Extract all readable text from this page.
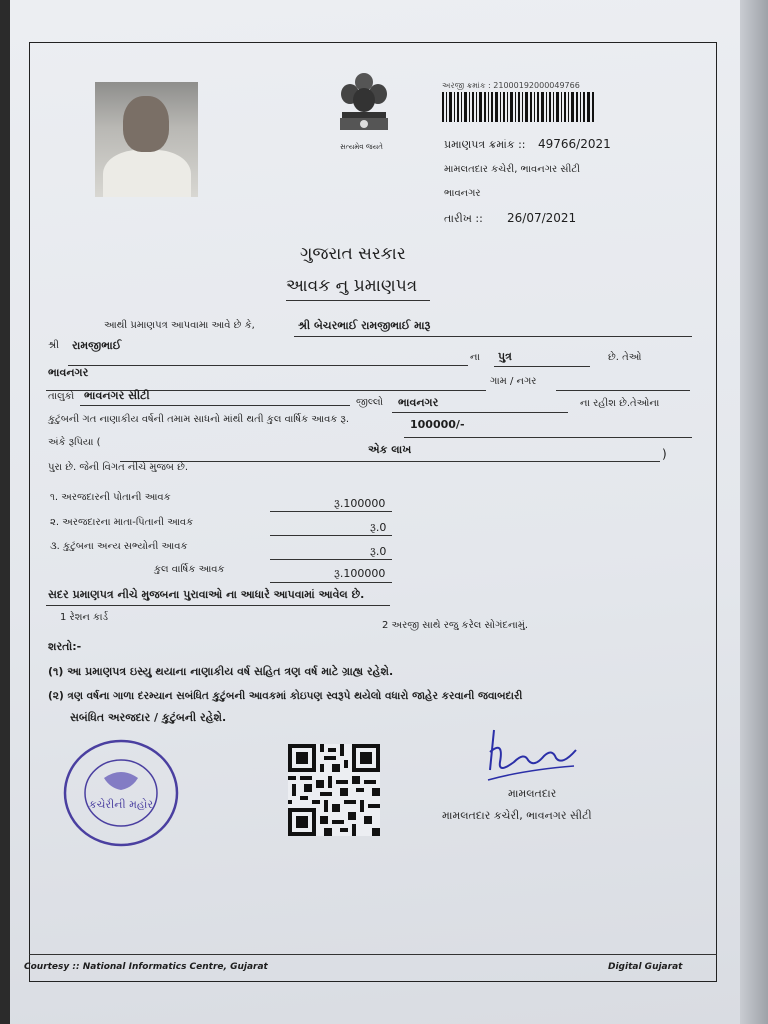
સત્યમેવ જયતે
અરજી ક્રમાંક : 21000192000049766
પ્રમાણપત્ર ક્રમાંક :: 49766/2021
મામલતદાર કચેરી, ભાવનગર સીટી
ભાવનગર
તારીખ :: 26/07/2021
ગુજરાત સરકાર
આવક નુ પ્રમાણપત્ર
આથી પ્રમાણપત્ર આપવામા આવે છે કે,	શ્રી બેચરભાઈ રામજીભાઈ મારૂ
શ્રી રામજીભાઈ
ના પુત્ર	છે. તેઓ
ભાવનગર
ગામ / નગર
તાલુકો ભાવનગર સીટી
જીલ્લો ભાવનગર	ના રહીશ છે.તેઓના
કુટુંબની ગત નાણાકીય વર્ષની તમામ સાધનો માંથી થતી કુલ વાર્ષિક આવક રૂ.	100000/-
અંકે રૂપિયા (
એક લાખ	)
પુરા છે. જેની વિગત નીચે મુજબ છે.
૧. અરજદારની પોતાની આવક	રૂ.100000
૨. અરજદારના માતા-પિતાની આવક	રૂ.0
૩. કુટુંબના અન્ય સભ્યોની આવક	રૂ.0
કુલ વાર્ષિક આવક	રૂ.100000
સદર પ્રમાણપત્ર નીચે મુજબના પુરાવાઓ ના આધારે આપવામાં આવેલ છે.
1 રેશન કાર્ડ
2 અરજી સાથે રજુ કરેલ સોગંદનામું.
શરતો:-
(૧) આ પ્રમાણપત્ર ઇસ્યુ થયાના નાણાકીય વર્ષ સહિત ત્રણ વર્ષ માટે ગ્રાહ્ય રહેશે.
(૨) ત્રણ વર્ષના ગાળા દરમ્યાન સબંધિત કુટુંબની આવકમાં કોઇપણ સ્વરૂપે થયેલો વધારો જાહેર કરવાની જવાબદારી
સબંધિત અરજદાર / કુટુંબની રહેશે.
કચેરીની મહોર
Khbegerae
મામલતદાર
મામલતદાર કચેરી, ભાવનગર સીટી
Courtesy :: National Informatics Centre, Gujarat	Digital Gujarat
